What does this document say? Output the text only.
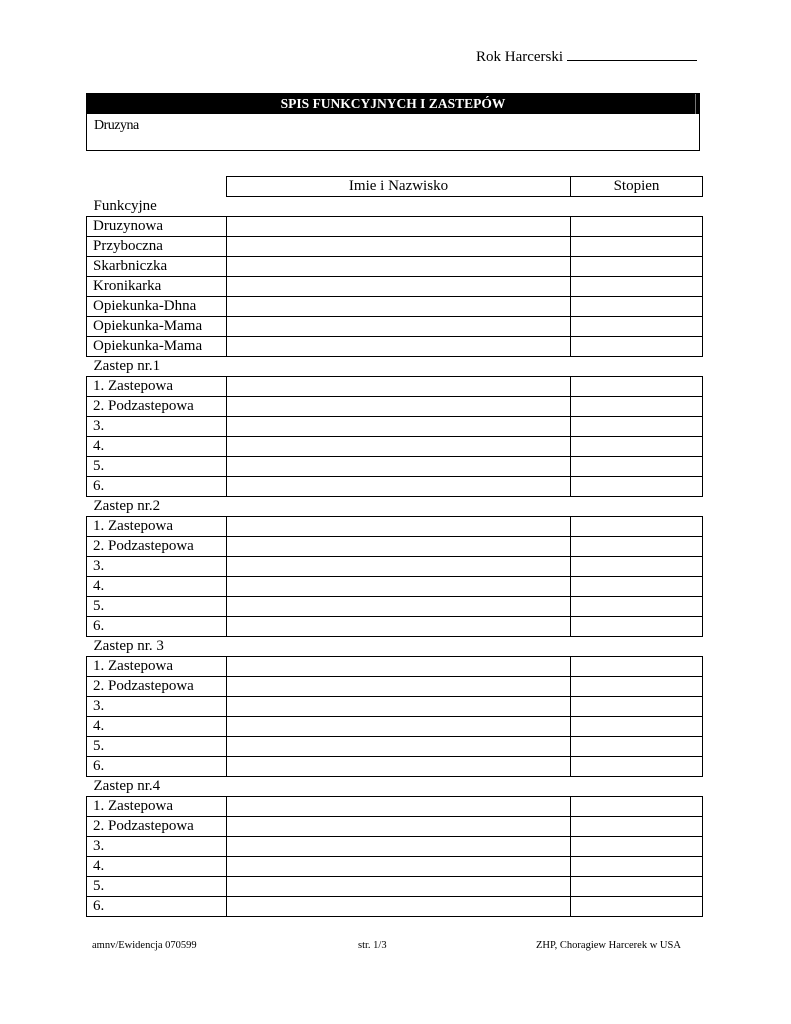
Rok Harcerski
SPIS FUNKCYJNYCH I ZASTEPÓW
Druzyna
	Imie i Nazwisko	Stopien
Funkcyjne		
Druzynowa		
Przyboczna		
Skarbniczka		
Kronikarka		
Opiekunka-Dhna		
Opiekunka-Mama		
Opiekunka-Mama		
Zastep nr.1		
1. Zastepowa		
2. Podzastepowa		
3.		
4.		
5.		
6.		
Zastep nr.2		
1. Zastepowa		
2. Podzastepowa		
3.		
4.		
5.		
6.		
Zastep nr. 3		
1. Zastepowa		
2. Podzastepowa		
3.		
4.		
5.		
6.		
Zastep nr.4		
1. Zastepowa		
2. Podzastepowa		
3.		
4.		
5.		
6.		
amnv/Ewidencja 070599	str. 1/3	ZHP, Choragiew Harcerek w USA
